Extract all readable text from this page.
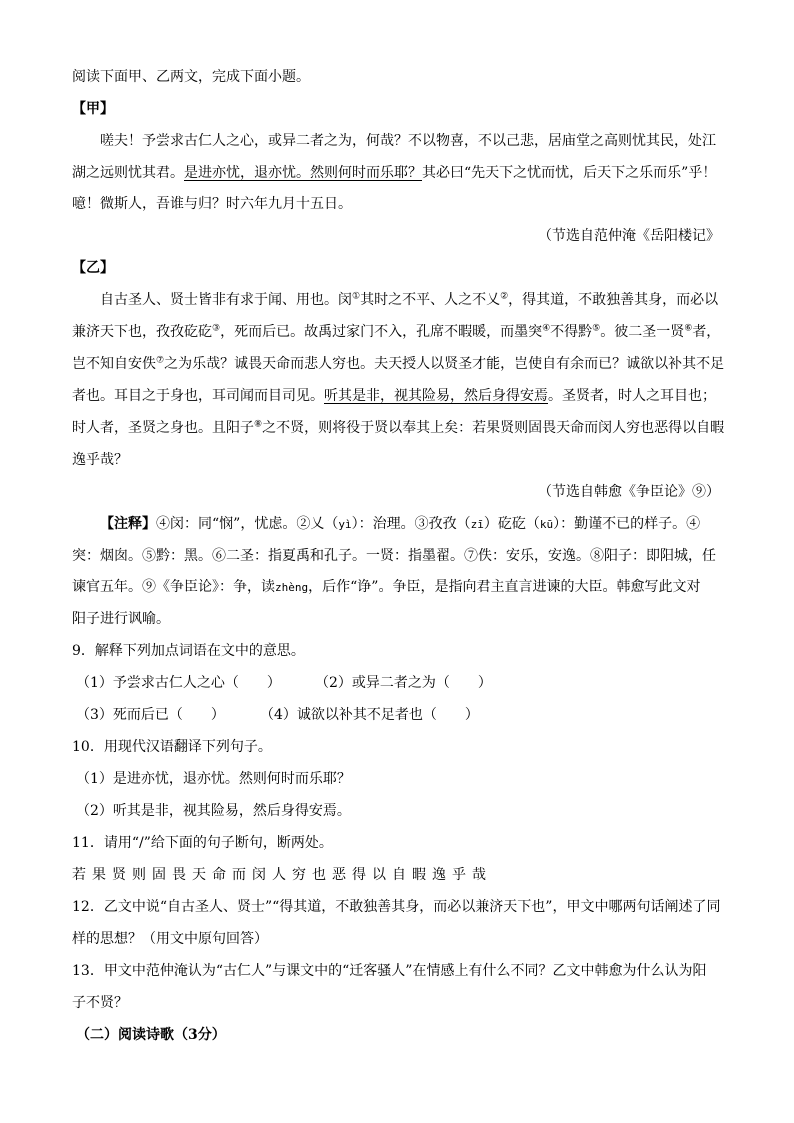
阅读下面甲、乙两文，完成下面小题。
【甲】
嗟夫！予尝求古仁人之心，或异二者之为，何哉？不以物喜，不以己悲，居庙堂之高则忧其民，处江
湖之远则忧其君。是进亦忧，退亦忧。然则何时而乐耶？其必曰“先天下之忧而忧，后天下之乐而乐”乎！
噫！微斯人，吾谁与归？时六年九月十五日。
（节选自范仲淹《岳阳楼记》
【乙】
自古圣人、贤士皆非有求于闻、用也。闵①其时之不平、人之不乂②，得其道，不敢独善其身，而必以
兼济天下也，孜孜矻矻③，死而后已。故禹过家门不入，孔席不暇暖，而墨突④不得黔⑤。彼二圣一贤⑥者，
岂不知自安佚⑦之为乐哉？诚畏天命而悲人穷也。夫天授人以贤圣才能，岂使自有余而已？诚欲以补其不足
者也。耳目之于身也，耳司闻而目司见。听其是非，视其险易，然后身得安焉。圣贤者，时人之耳目也；
时人者，圣贤之身也。且阳子⑧之不贤，则将役于贤以奉其上矣：若果贤则固畏天命而闵人穷也恶得以自暇
逸乎哉？
（节选自韩愈《争臣论》⑨）
【注释】④闵：同“悯”，忧虑。②乂（yì）：治理。③孜孜（zī）矻矻（kū）：勤谨不已的样子。④
突：烟囱。⑤黔：黑。⑥二圣：指夏禹和孔子。一贤：指墨翟。⑦佚：安乐，安逸。⑧阳子：即阳城，任
谏官五年。⑨《争臣论》：争，读zhèng，后作“诤”。争臣，是指向君主直言进谏的大臣。韩愈写此文对
阳子进行讽喻。
9．解释下列加点词语在文中的意思。
（1）予尝求古仁人之心（　　） （2）或异二者之为（　　）
（3）死而后已（　　）	（4）诚欲以补其不足者也（　　）
10．用现代汉语翻译下列句子。
（1）是进亦忧，退亦忧。然则何时而乐耶？
（2）听其是非，视其险易，然后身得安焉。
11．请用“/”给下面的句子断句，断两处。
若果贤则固畏天命而闵人穷也恶得以自暇逸乎哉
12．乙文中说“自古圣人、贤士”“得其道，不敢独善其身，而必以兼济天下也”，甲文中哪两句话阐述了同
样的思想？（用文中原句回答）
13．甲文中范仲淹认为“古仁人”与课文中的“迁客骚人”在情感上有什么不同？乙文中韩愈为什么认为阳
子不贤？
（二）阅读诗歌（3分）
